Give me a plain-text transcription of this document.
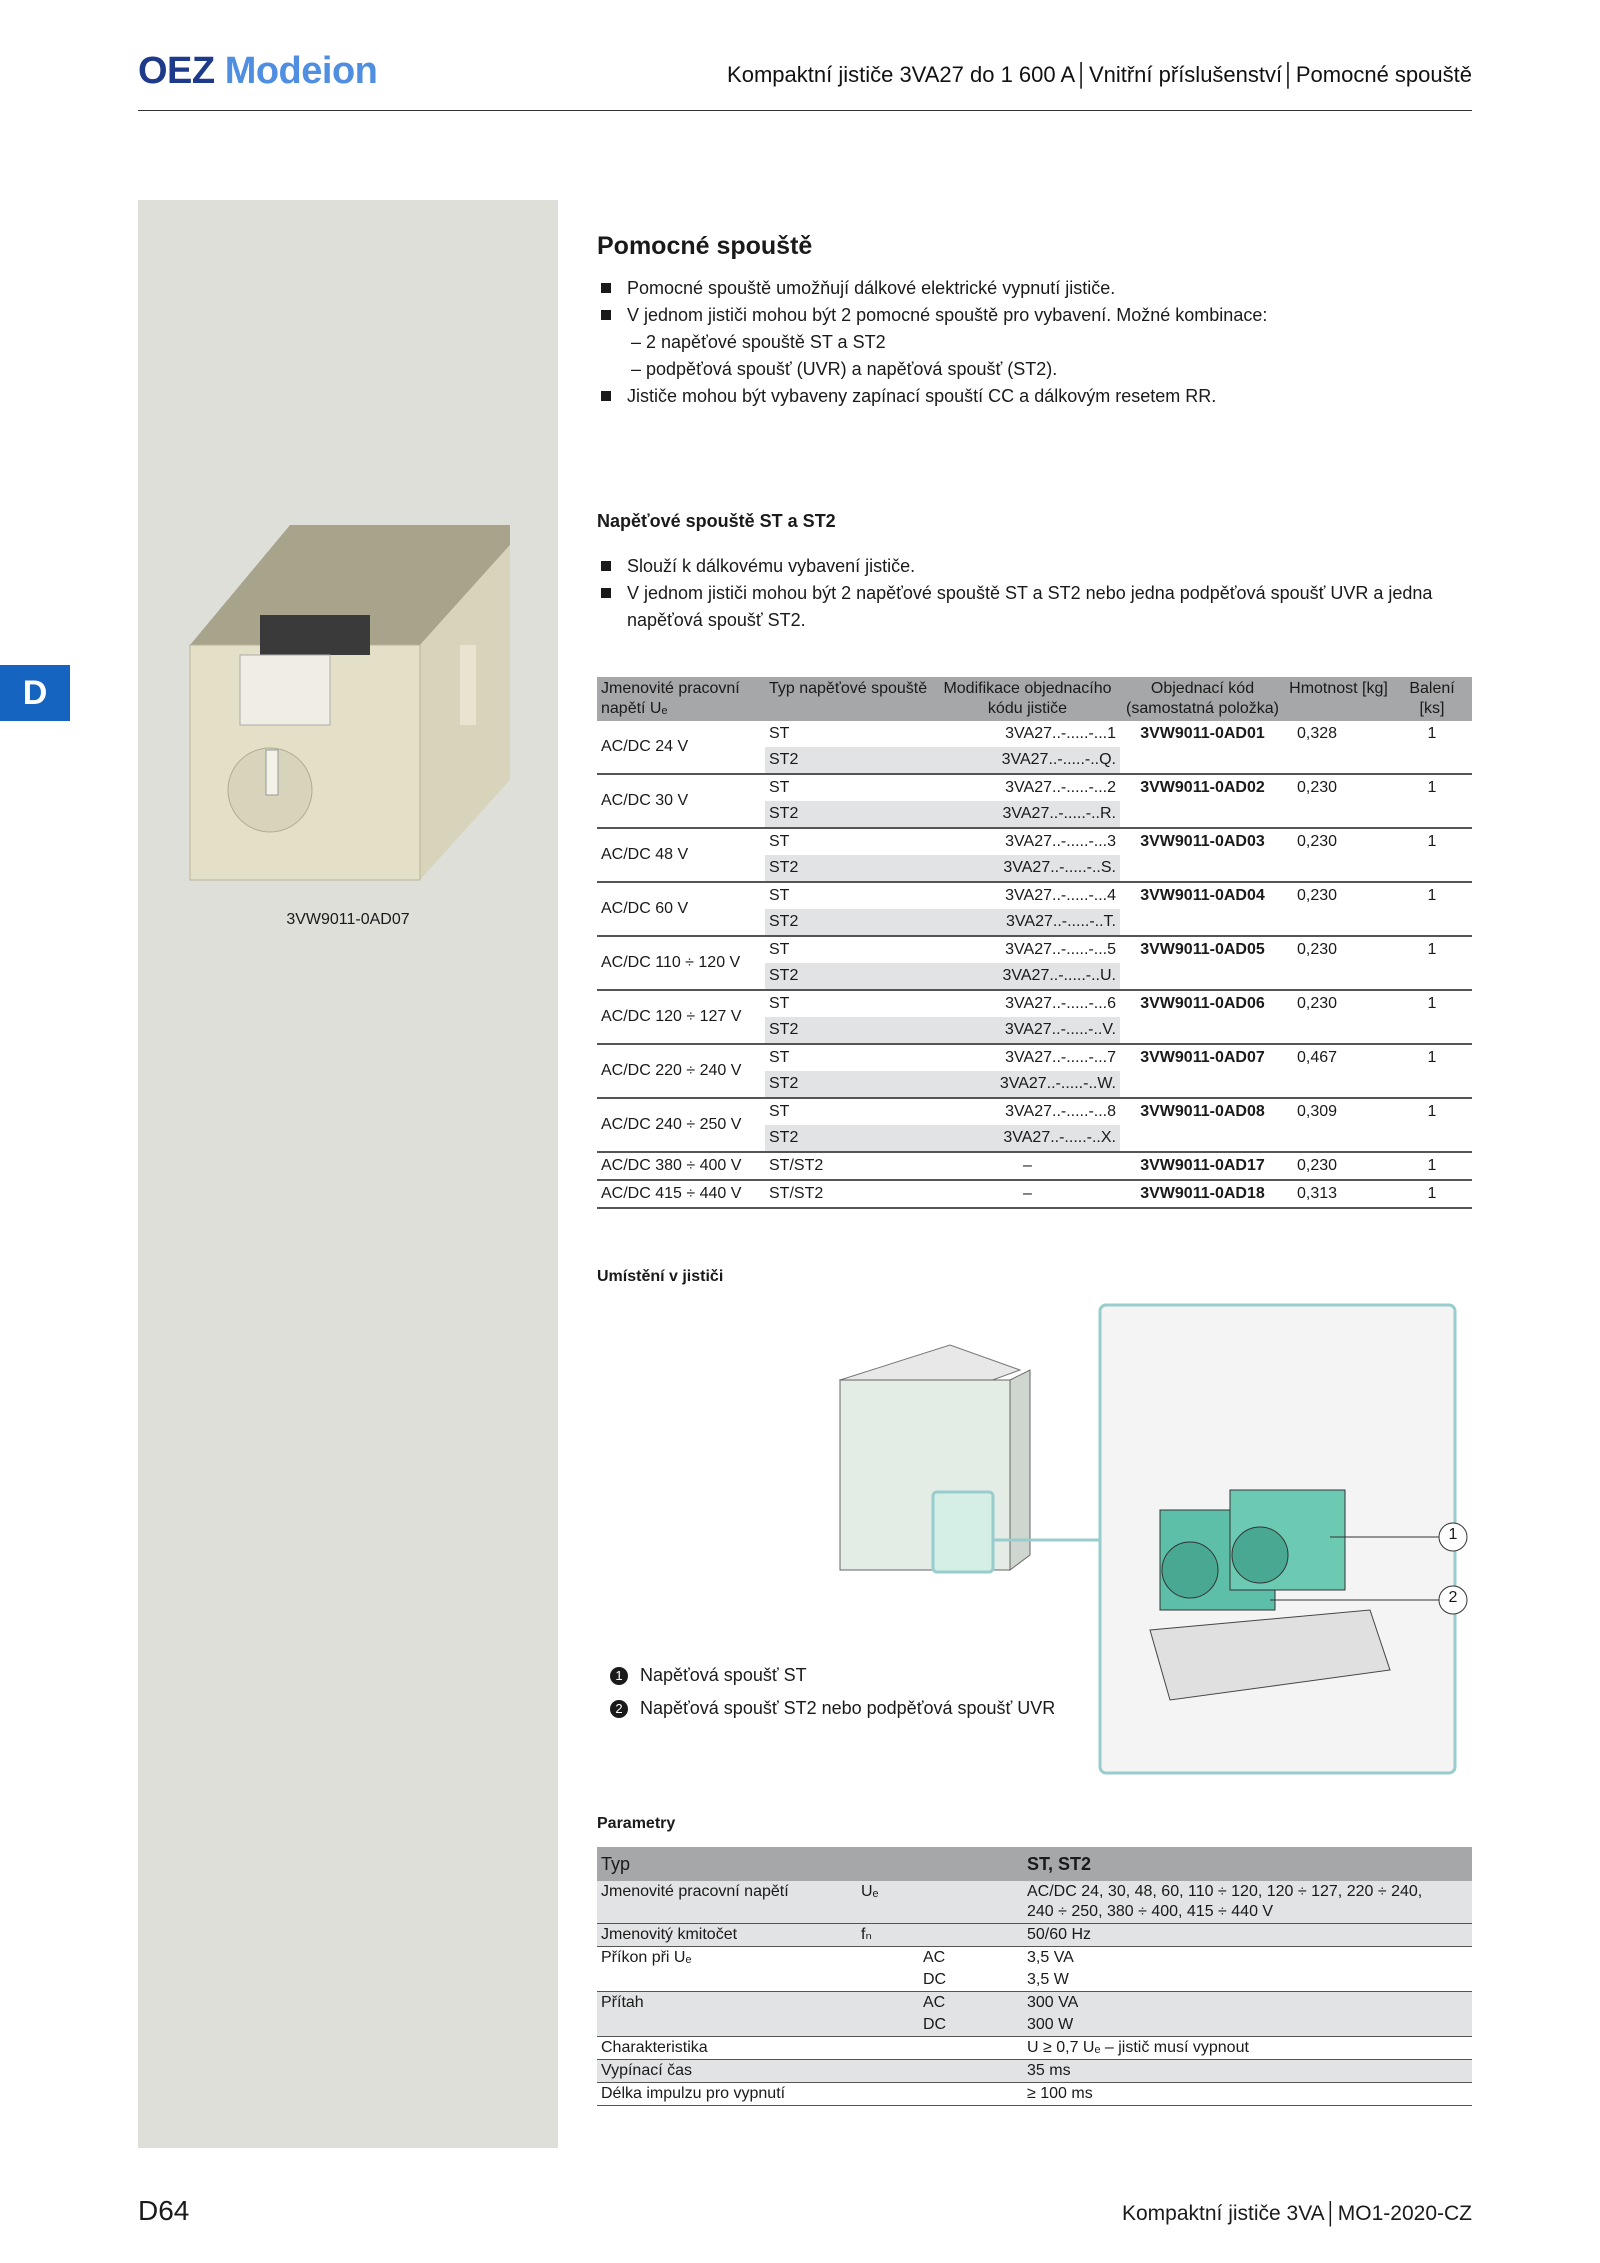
OEZ Modeion	Kompaktní jističe 3VA27 do 1 600 A│Vnitřní příslušenství│Pomocné spouště
D
3VW9011-0AD07
Pomocné spouště
Pomocné spouště umožňují dálkové elektrické vypnutí jističe.
V jednom jističi mohou být 2 pomocné spouště pro vybavení. Možné kombinace:
– 2 napěťové spouště ST a ST2
– podpěťová spoušť (UVR) a napěťová spoušť (ST2).
Jističe mohou být vybaveny zapínací spouští CC a dálkovým resetem RR.
Napěťové spouště ST a ST2
Slouží k dálkovému vybavení jističe.
V jednom jističi mohou být 2 napěťové spouště ST a ST2 nebo jedna podpěťová spoušť UVR a jedna napěťová spoušť ST2.
Jmenovité pracovní napětí Uₑ	Typ napěťové spouště	Modifikace objednacího kódu jističe	Objednací kód (samostatná položka)	Hmotnost [kg]	Balení [ks]
AC/DC 24 V	ST	3VA27..-.....-...1	3VW9011-0AD01	0,328	1
	ST2	3VA27..-.....-..Q.			
AC/DC 30 V	ST	3VA27..-.....-...2	3VW9011-0AD02	0,230	1
	ST2	3VA27..-.....-..R.			
AC/DC 48 V	ST	3VA27..-.....-...3	3VW9011-0AD03	0,230	1
	ST2	3VA27..-.....-..S.			
AC/DC 60 V	ST	3VA27..-.....-...4	3VW9011-0AD04	0,230	1
	ST2	3VA27..-.....-..T.			
AC/DC 110 ÷ 120 V	ST	3VA27..-.....-...5	3VW9011-0AD05	0,230	1
	ST2	3VA27..-.....-..U.			
AC/DC 120 ÷ 127 V	ST	3VA27..-.....-...6	3VW9011-0AD06	0,230	1
	ST2	3VA27..-.....-..V.			
AC/DC 220 ÷ 240 V	ST	3VA27..-.....-...7	3VW9011-0AD07	0,467	1
	ST2	3VA27..-.....-..W.			
AC/DC 240 ÷ 250 V	ST	3VA27..-.....-...8	3VW9011-0AD08	0,309	1
	ST2	3VA27..-.....-..X.			
AC/DC 380 ÷ 400 V	ST/ST2	–	3VW9011-0AD17	0,230	1
AC/DC 415 ÷ 440 V	ST/ST2	–	3VW9011-0AD18	0,313	1
Umístění v jističi
1
2
1 Napěťová spoušť ST
2 Napěťová spoušť ST2 nebo podpěťová spoušť UVR
Parametry
Typ			ST, ST2
Jmenovité pracovní napětí	Uₑ		AC/DC 24, 30, 48, 60, 110 ÷ 120, 120 ÷ 127, 220 ÷ 240,
240 ÷ 250, 380 ÷ 400, 415 ÷ 440 V

Jmenovitý kmitočet	fₙ		50/60 Hz

Příkon při Uₑ		AC	3,5 VA

		DC	3,5 W

Přítah		AC	300 VA

		DC	300 W

Charakteristika			U ≥ 0,7 Uₑ – jistič musí vypnout

Vypínací čas			35 ms

Délka impulzu pro vypnutí			≥ 100 ms
D64	Kompaktní jističe 3VA│MO1-2020-CZ
